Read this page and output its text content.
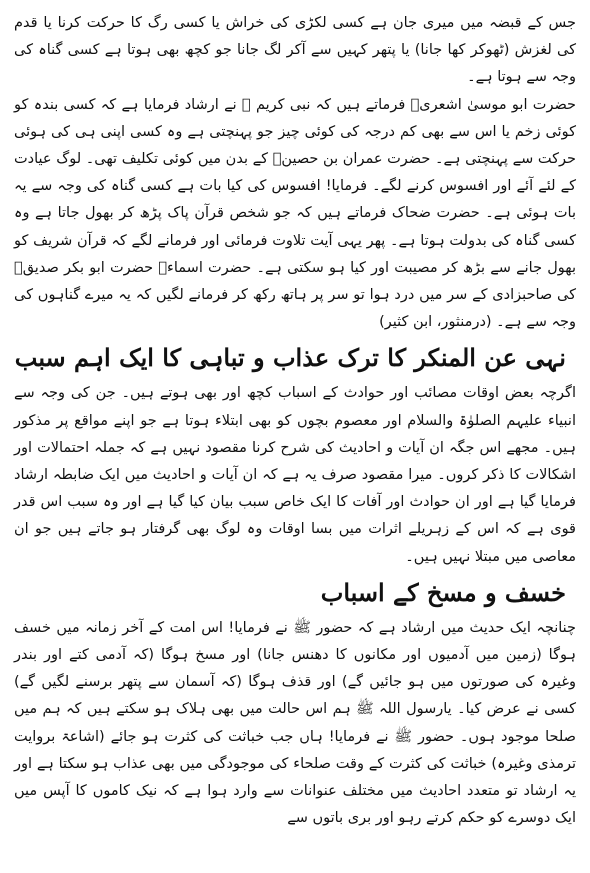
جس کے قبضہ میں میری جان ہے کسی لکڑی کی خراش یا کسی رگ کا حرکت کرنا یا قدم کی لغزش (ٹھوکر کھا جانا) یا پتھر کہیں سے آکر لگ جانا جو کچھ بھی ہوتا ہے کسی گناہ کی وجہ سے ہوتا ہے۔

حضرت ابو موسیٰ اشعریؓ فرماتے ہیں کہ نبی کریم ﷺ نے ارشاد فرمایا ہے کہ کسی بندہ کو کوئی زخم یا اس سے بھی کم درجہ کی کوئی چیز جو پہنچتی ہے وہ کسی اپنی ہی کی ہوئی حرکت سے پہنچتی ہے۔ حضرت عمران بن حصینؓ کے بدن میں کوئی تکلیف تھی۔ لوگ عیادت کے لئے آئے اور افسوس کرنے لگے۔ فرمایا! افسوس کی کیا بات ہے کسی گناہ کی وجہ سے یہ بات ہوئی ہے۔ حضرت ضحاک فرماتے ہیں کہ جو شخص قرآن پاک پڑھ کر بھول جاتا ہے وہ کسی گناہ کی بدولت ہوتا ہے۔ پھر یہی آیت تلاوت فرمائی اور فرمانے لگے کہ قرآن شریف کو بھول جانے سے بڑھ کر مصیبت اور کیا ہو سکتی ہے۔ حضرت اسماءؓ حضرت ابو بکر صدیقؓ کی صاحبزادی کے سر میں درد ہوا تو سر پر ہاتھ رکھ کر فرمانے لگیں کہ یہ میرے گناہوں کی وجہ سے ہے۔ (درمنثور، ابن کثیر)

نہی عن المنکر کا ترک عذاب و تباہی کا ایک اہم سبب

اگرچہ بعض اوقات مصائب اور حوادث کے اسباب کچھ اور بھی ہوتے ہیں۔ جن کی وجہ سے انبیاء علیہم الصلوٰۃ والسلام اور معصوم بچوں کو بھی ابتلاء ہوتا ہے جو اپنے مواقع پر مذکور ہیں۔ مجھے اس جگہ ان آیات و احادیث کی شرح کرنا مقصود نہیں ہے کہ جملہ احتمالات اور اشکالات کا ذکر کروں۔ میرا مقصود صرف یہ ہے کہ ان آیات و احادیث میں ایک ضابطہ ارشاد فرمایا گیا ہے اور ان حوادث اور آفات کا ایک خاص سبب بیان کیا گیا ہے اور وہ سبب اس قدر قوی ہے کہ اس کے زہریلے اثرات میں بسا اوقات وہ لوگ بھی گرفتار ہو جاتے ہیں جو ان معاصی میں مبتلا نہیں ہیں۔

خسف و مسخ کے اسباب

چنانچہ ایک حدیث میں ارشاد ہے کہ حضور ﷺ نے فرمایا! اس امت کے آخر زمانہ میں خسف ہوگا (زمین میں آدمیوں اور مکانوں کا دھنس جانا) اور مسخ ہوگا (کہ آدمی کتے اور بندر وغیرہ کی صورتوں میں ہو جائیں گے) اور قذف ہوگا (کہ آسمان سے پتھر برسنے لگیں گے) کسی نے عرض کیا۔ یارسول اللہ ﷺ ہم اس حالت میں بھی ہلاک ہو سکتے ہیں کہ ہم میں صلحا موجود ہوں۔ حضور ﷺ نے فرمایا! ہاں جب خباثت کی کثرت ہو جائے (اشاعۃ بروایت ترمذی وغیرہ) خباثت کی کثرت کے وقت صلحاء کی موجودگی میں بھی عذاب ہو سکتا ہے اور یہ ارشاد تو متعدد احادیث میں مختلف عنوانات سے وارد ہوا ہے کہ نیک کاموں کا آپس میں ایک دوسرے کو حکم کرتے رہو اور بری باتوں سے
